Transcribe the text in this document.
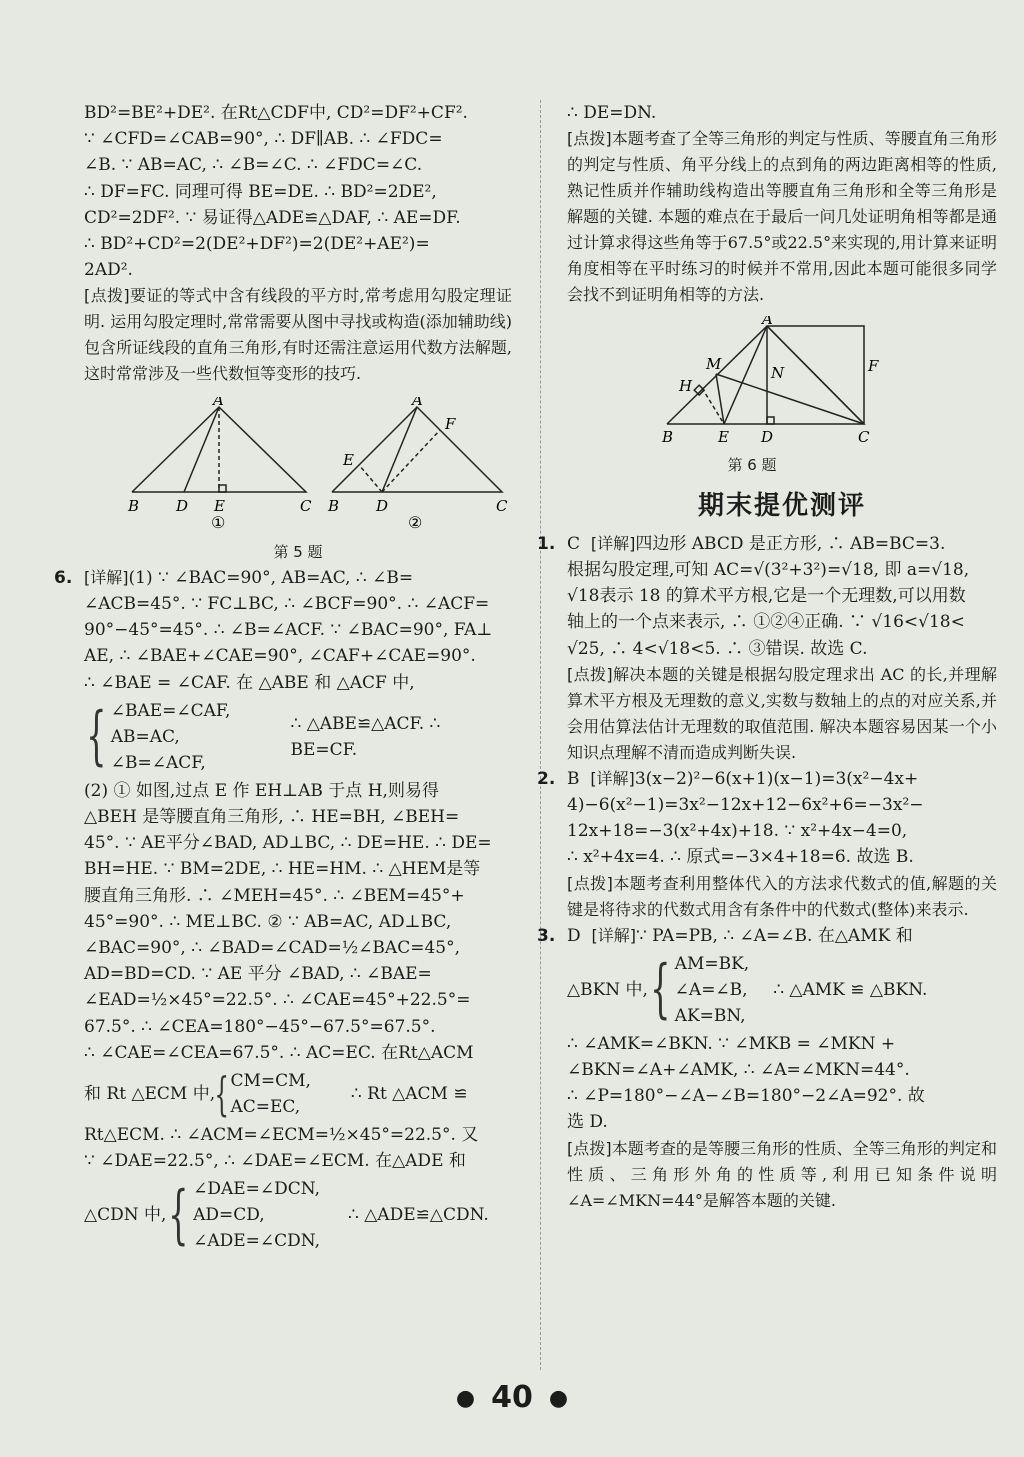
BD²=BE²+DE². 在Rt△CDF中, CD²=DF²+CF².

∵ ∠CFD=∠CAB=90°, ∴ DF∥AB. ∴ ∠FDC=

∠B. ∵ AB=AC, ∴ ∠B=∠C. ∴ ∠FDC=∠C.

∴ DF=FC. 同理可得 BE=DE. ∴ BD²=2DE²,

CD²=2DF². ∵ 易证得△ADE≌△DAF, ∴ AE=DF.

∴ BD²+CD²=2(DE²+DF²)=2(DE²+AE²)=

2AD².

[点拨]要证的等式中含有线段的平方时,常考虑用勾股定理证明. 运用勾股定理时,常常需要从图中寻找或构造(添加辅助线)包含所证线段的直角三角形,有时还需注意运用代数方法解题,这时常常涉及一些代数恒等变形的技巧.

A
B D E	C
A
F
E
B D	C
①	②
第 5 题
6. [详解](1) ∵ ∠BAC=90°, AB=AC, ∴ ∠B=

∠ACB=45°. ∵ FC⊥BC, ∴ ∠BCF=90°. ∴ ∠ACF=

90°−45°=45°. ∴ ∠B=∠ACF. ∵ ∠BAC=90°, FA⊥

AE, ∴ ∠BAE+∠CAE=90°, ∠CAF+∠CAE=90°.

∴ ∠BAE = ∠CAF. 在 △ABE 和 △ACF 中,

{ ∠BAE=∠CAF,
AB=AC,
∠B=∠ACF,
∴ △ABE≌△ACF. ∴ BE=CF.

(2) ① 如图,过点 E 作 EH⊥AB 于点 H,则易得

△BEH 是等腰直角三角形, ∴ HE=BH, ∠BEH=

45°. ∵ AE平分∠BAD, AD⊥BC, ∴ DE=HE. ∴ DE=

BH=HE. ∵ BM=2DE, ∴ HE=HM. ∴ △HEM是等

腰直角三角形. ∴ ∠MEH=45°. ∴ ∠BEM=45°+

45°=90°. ∴ ME⊥BC. ② ∵ AB=AC, AD⊥BC,

∠BAC=90°, ∴ ∠BAD=∠CAD=½∠BAC=45°,

AD=BD=CD. ∵ AE 平分 ∠BAD, ∴ ∠BAE=

∠EAD=½×45°=22.5°. ∴ ∠CAE=45°+22.5°=

67.5°. ∴ ∠CEA=180°−45°−67.5°=67.5°.

∴ ∠CAE=∠CEA=67.5°. ∴ AC=EC. 在Rt△ACM

和 Rt △ECM 中, { CM=CM,
AC=EC,
∴ Rt △ACM ≌

Rt△ECM. ∴ ∠ACM=∠ECM=½×45°=22.5°. 又

∵ ∠DAE=22.5°, ∴ ∠DAE=∠ECM. 在△ADE 和

△CDN 中, { ∠DAE=∠DCN,
AD=CD,
∠ADE=∠CDN,
∴ △ADE≌△CDN.

∴ DE=DN.

[点拨]本题考查了全等三角形的判定与性质、等腰直角三角形的判定与性质、角平分线上的点到角的两边距离相等的性质,熟记性质并作辅助线构造出等腰直角三角形和全等三角形是解题的关键. 本题的难点在于最后一问几处证明角相等都是通过计算求得这些角等于67.5°或22.5°来实现的,用计算来证明角度相等在平时练习的时候并不常用,因此本题可能很多同学会找不到证明角相等的方法.

A
M
H
N	F
B	E D	C
第 6 题
期末提优测评
1. C [详解]四边形 ABCD 是正方形, ∴ AB=BC=3.

根据勾股定理,可知 AC=√(3²+3²)=√18, 即 a=√18,

√18表示 18 的算术平方根,它是一个无理数,可以用数

轴上的一个点来表示, ∴ ①②④正确. ∵ √16<√18<

√25, ∴ 4<√18<5. ∴ ③错误. 故选 C.

[点拨]解决本题的关键是根据勾股定理求出 AC 的长,并理解算术平方根及无理数的意义,实数与数轴上的点的对应关系,并会用估算法估计无理数的取值范围. 解决本题容易因某一个小知识点理解不清而造成判断失误.

2. B [详解]3(x−2)²−6(x+1)(x−1)=3(x²−4x+

4)−6(x²−1)=3x²−12x+12−6x²+6=−3x²−

12x+18=−3(x²+4x)+18. ∵ x²+4x−4=0,

∴ x²+4x=4. ∴ 原式=−3×4+18=6. 故选 B.

[点拨]本题考查利用整体代入的方法求代数式的值,解题的关键是将待求的代数式用含有条件中的代数式(整体)来表示.

3. D [详解]∵ PA=PB, ∴ ∠A=∠B. 在△AMK 和

△BKN 中, { AM=BK,
∠A=∠B,
AK=BN,
∴ △AMK ≌ △BKN.

∴ ∠AMK=∠BKN. ∵ ∠MKB = ∠MKN +

∠BKN=∠A+∠AMK, ∴ ∠A=∠MKN=44°.

∴ ∠P=180°−∠A−∠B=180°−2∠A=92°. 故

选 D.

[点拨]本题考查的是等腰三角形的性质、全等三角形的判定和性质、三角形外角的性质等,利用已知条件说明∠A=∠MKN=44°是解答本题的关键.

● 40 ●
